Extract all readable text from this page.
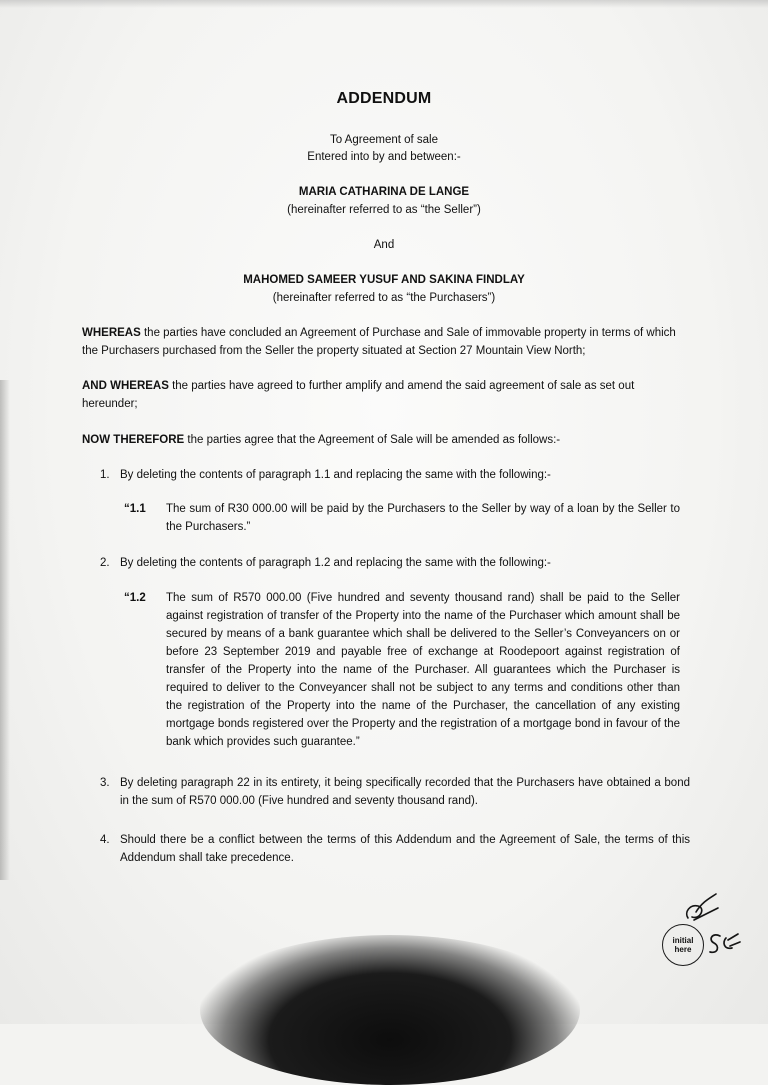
ADDENDUM
To Agreement of sale
Entered into by and between:-
MARIA CATHARINA DE LANGE
(hereinafter referred to as “the Seller”)
And
MAHOMED SAMEER YUSUF AND SAKINA FINDLAY
(hereinafter referred to as “the Purchasers”)
WHEREAS the parties have concluded an Agreement of Purchase and Sale of immovable property in terms of which the Purchasers purchased from the Seller the property situated at Section 27 Mountain View North;
AND WHEREAS the parties have agreed to further amplify and amend the said agreement of sale as set out hereunder;
NOW THEREFORE the parties agree that the Agreement of Sale will be amended as follows:-
1. By deleting the contents of paragraph 1.1 and replacing the same with the following:-
“1.1	The sum of R30 000.00 will be paid by the Purchasers to the Seller by way of a loan by the Seller to the Purchasers.”
2. By deleting the contents of paragraph 1.2 and replacing the same with the following:-
“1.2	The sum of R570 000.00 (Five hundred and seventy thousand rand) shall be paid to the Seller against registration of transfer of the Property into the name of the Purchaser which amount shall be secured by means of a bank guarantee which shall be delivered to the Seller’s Conveyancers on or before 23 September 2019 and payable free of exchange at Roodepoort against registration of transfer of the Property into the name of the Purchaser. All guarantees which the Purchaser is required to deliver to the Conveyancer shall not be subject to any terms and conditions other than the registration of the Property into the name of the Purchaser, the cancellation of any existing mortgage bonds registered over the Property and the registration of a mortgage bond in favour of the bank which provides such guarantee.”
3. By deleting paragraph 22 in its entirety, it being specifically recorded that the Purchasers have obtained a bond in the sum of R570 000.00 (Five hundred and seventy thousand rand).
4. Should there be a conflict between the terms of this Addendum and the Agreement of Sale, the terms of this Addendum shall take precedence.
initial
here
